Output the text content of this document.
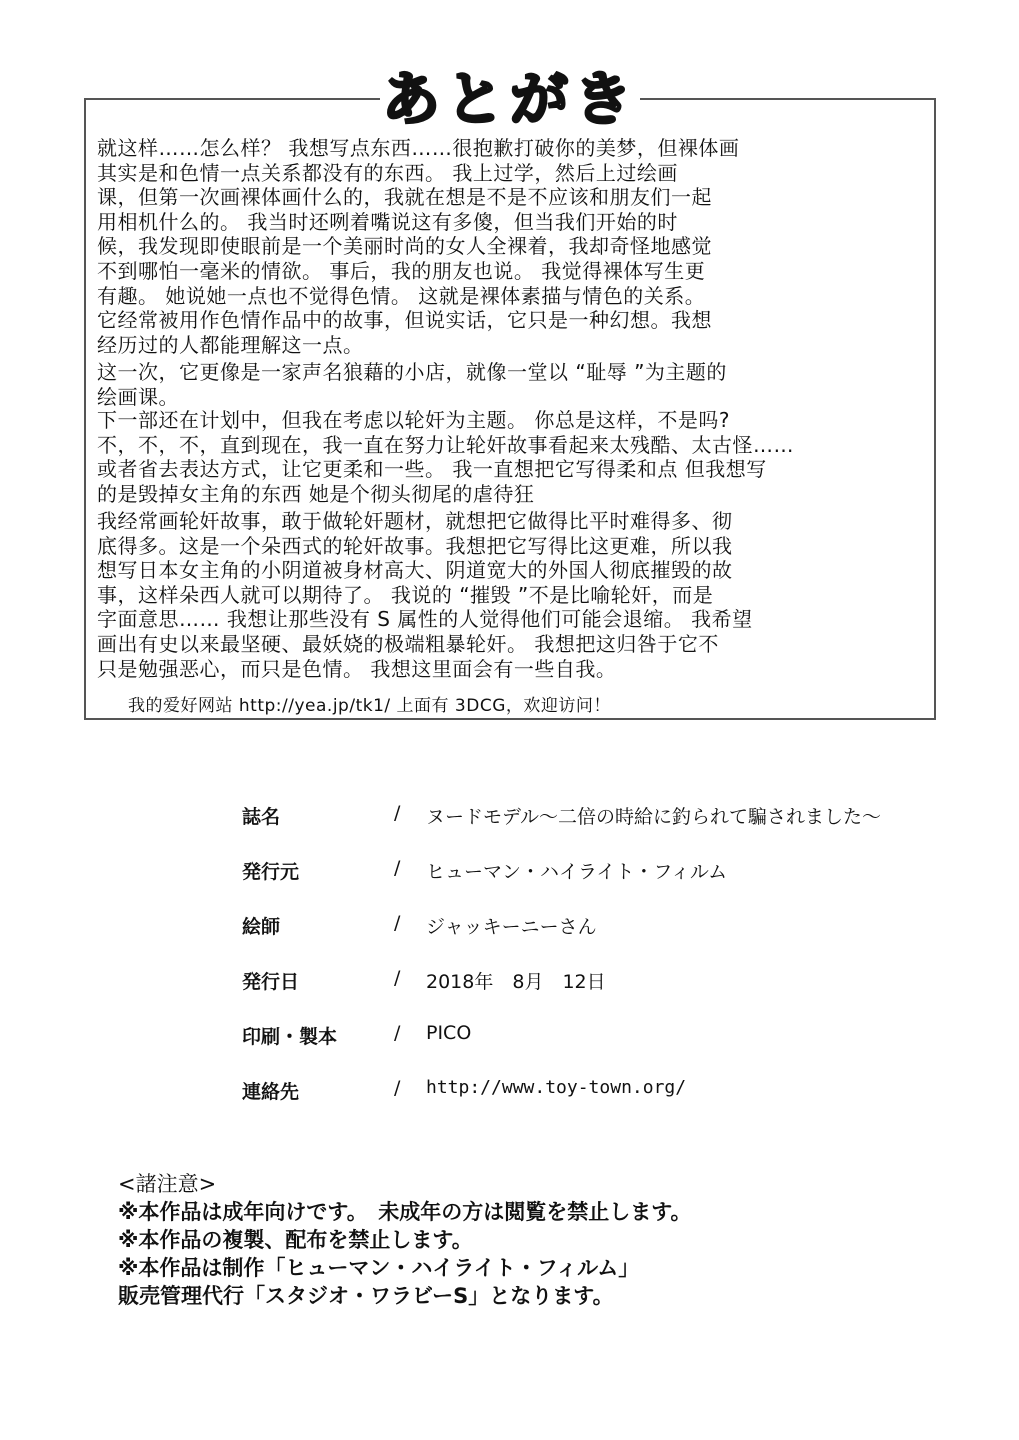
あとがき

就这样……怎么样？ 我想写点东西……很抱歉打破你的美梦，但裸体画
其实是和色情一点关系都没有的东西。 我上过学，然后上过绘画
课，但第一次画裸体画什么的，我就在想是不是不应该和朋友们一起
用相机什么的。 我当时还咧着嘴说这有多傻，但当我们开始的时
候，我发现即使眼前是一个美丽时尚的女人全裸着，我却奇怪地感觉
不到哪怕一毫米的情欲。 事后，我的朋友也说。 我觉得裸体写生更
有趣。 她说她一点也不觉得色情。 这就是裸体素描与情色的关系。
它经常被用作色情作品中的故事，但说实话，它只是一种幻想。我想
经历过的人都能理解这一点。

这一次，它更像是一家声名狼藉的小店，就像一堂以 “耻辱 ”为主题的
绘画课。

下一部还在计划中，但我在考虑以轮奸为主题。 你总是这样，不是吗?
不，不，不，直到现在，我一直在努力让轮奸故事看起来太残酷、太古怪……
或者省去表达方式，让它更柔和一些。 我一直想把它写得柔和点 但我想写
的是毁掉女主角的东西 她是个彻头彻尾的虐待狂

我经常画轮奸故事，敢于做轮奸题材，就想把它做得比平时难得多、彻
底得多。这是一个朵西式的轮奸故事。我想把它写得比这更难，所以我
想写日本女主角的小阴道被身材高大、阴道宽大的外国人彻底摧毁的故
事，这样朵西人就可以期待了。 我说的 “摧毁 ”不是比喻轮奸，而是
字面意思…… 我想让那些没有 S 属性的人觉得他们可能会退缩。 我希望
画出有史以来最坚硬、最妖娆的极端粗暴轮奸。 我想把这归咎于它不
只是勉强恶心，而只是色情。 我想这里面会有一些自我。

我的爱好网站 http://yea.jp/tk1/ 上面有 3DCG，欢迎访问！
誌名	/ ヌードモデル～二倍の時給に釣られて騙されました～
発行元	/ ヒューマン・ハイライト・フィルム
絵師	/ ジャッキーニーさん
発行日	/ 2018年　8月　12日
印刷・製本	/ PICO
連絡先	/ http://www.toy-town.org/
<諸注意>
※本作品は成年向けです。　未成年の方は閲覧を禁止します。
※本作品の複製、配布を禁止します。
※本作品は制作「ヒューマン・ハイライト・フィルム」
販売管理代行「スタジオ・ワラビーS」となります。
